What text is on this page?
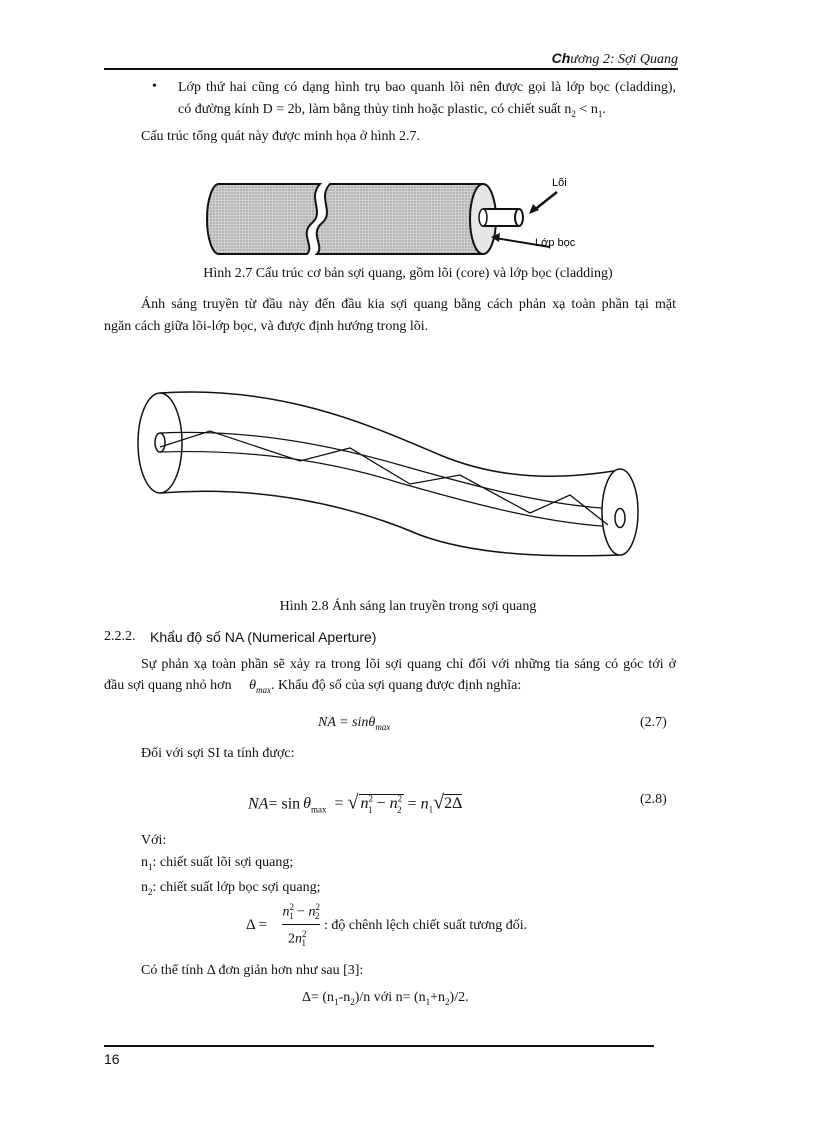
Chương 2: Sợi Quang
• Lớp thứ hai cũng có dạng hình trụ bao quanh lõi nên được gọi là lớp bọc (cladding),
có đường kính D = 2b, làm bằng thủy tinh hoặc plastic, có chiết suất $n_2 < n_1$.
Cấu trúc tổng quát này được minh họa ở hình 2.7.
Lõi
Lớp bọc
Hình 2.7 Cấu trúc cơ bản sợi quang, gồm lõi (core) và lớp bọc (cladding)
Ánh sáng truyền từ đầu này đến đầu kia sợi quang bằng cách phản xạ toàn phần tại mặt
ngăn cách giữa lõi-lớp bọc, và được định hướng trong lõi.
Hình 2.8 Ánh sáng lan truyền trong sợi quang
2.2.2. Khẩu độ số NA (Numerical Aperture)
Sự phản xạ toàn phần sẽ xảy ra trong lõi sợi quang chỉ đối với những tia sáng có góc tới ở
đầu sợi quang nhỏ hơn $\theta_{max}$. Khẩu độ số của sợi quang được định nghĩa:
NA = sinθ$_{max}$	(2.7)
Đối với sợi SI ta tính được:
$NA= \sin \theta_{max}$ = √ $n^2_1 - n^2_2 = n_1√2\Delta$	(2.8)
Với:
$n_1$: chiết suất lõi sợi quang;
$n_2$: chiết suất lớp bọc sợi quang;
Δ =
$n^2_1 - n^2_2$
$2n^2_1$
: độ chênh lệch chiết suất tương đối.
Có thể tính Δ đơn giản hơn như sau [3]:
$\Delta= (n_1-n_2)/n$ với $n= (n_1+n_2)/2$.
16
